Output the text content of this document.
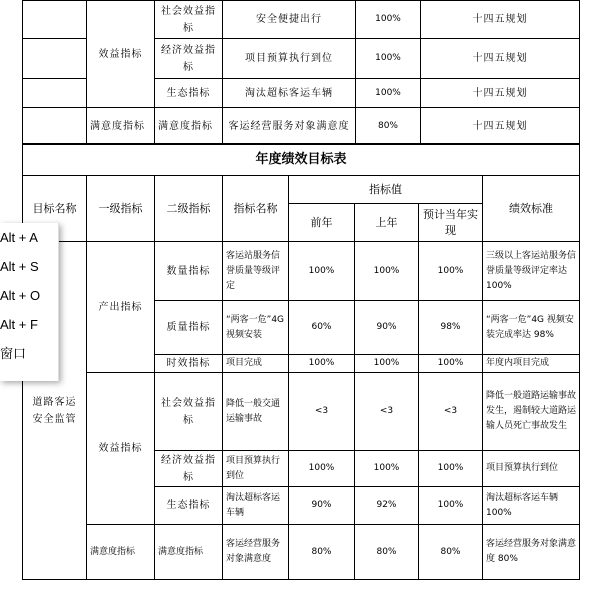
	效益指标	社会效益指标	安全便捷出行	100%	十四五规划
		经济效益指标	项目预算执行到位	100%	十四五规划
		生态指标	淘汰超标客运车辆	100%	十四五规划
	满意度指标	满意度指标	客运经营服务对象满意度	80%	十四五规划
年度绩效目标表							
目标名称	一级指标	二级指标	指标名称	指标值			绩效标准
				前年	上年	预计当年实现	
道路客运安全监管	产出指标	数量指标	客运站服务信誉质量等级评定	100%	100%	100%	三级以上客运站服务信誉质量等级评定率达 100%
		质量指标	“两客一危”4G 视频安装	60%	90%	98%	“两客一危”4G 视频安装完成率达 98%
		时效指标	项目完成	100%	100%	100%	年度内项目完成
	效益指标	社会效益指标	降低一般交通运输事故	<3	<3	<3	降低一般道路运输事故发生，遏制较大道路运输人员死亡事故发生
		经济效益指标	项目预算执行到位	100%	100%	100%	项目预算执行到位
		生态指标	淘汰超标客运车辆	90%	92%	100%	淘汰超标客运车辆 100%
	满意度指标	满意度指标	客运经营服务对象满意度	80%	80%	80%	客运经营服务对象满意度 80%
Alt + A
Alt + S
Alt + O
Alt + F
窗口
